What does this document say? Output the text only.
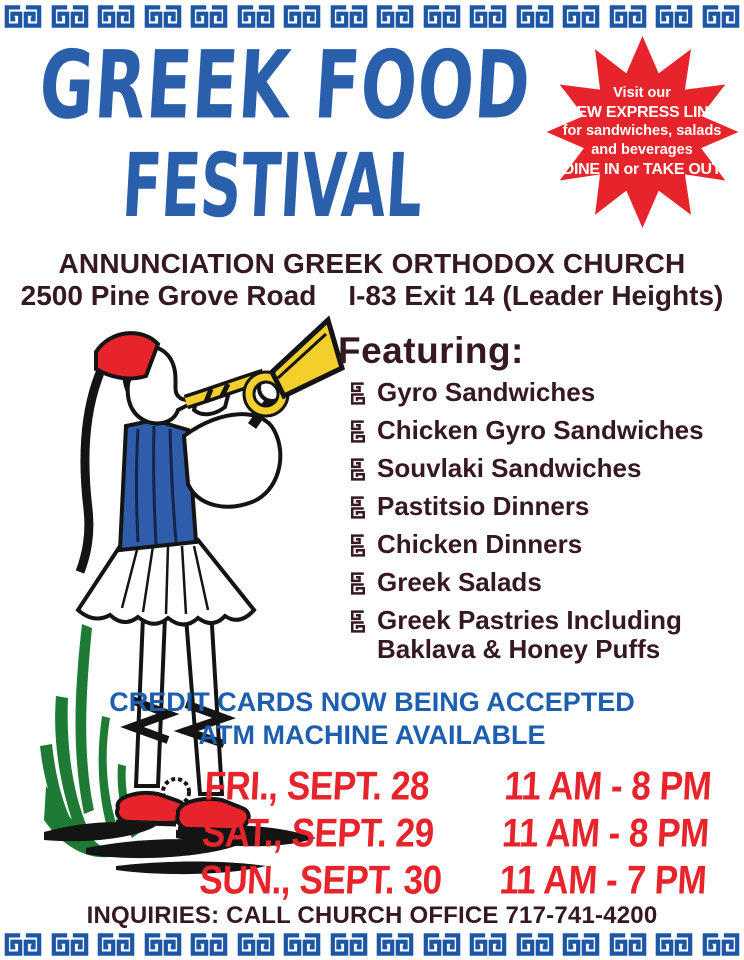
GREEK FOOD
FESTIVAL
Visit our
NEW EXPRESS LINE
for sandwiches, salads
and beverages
DINE IN or TAKE OUT
ANNUNCIATION GREEK ORTHODOX CHURCH
2500 Pine Grove Road I-83 Exit 14 (Leader Heights)
Featuring:
Gyro Sandwiches
Chicken Gyro Sandwiches
Souvlaki Sandwiches
Pastitsio Dinners
Chicken Dinners
Greek Salads
Greek Pastries Including Baklava & Honey Puffs
CREDIT CARDS NOW BEING ACCEPTED
ATM MACHINE AVAILABLE
FRI., SEPT. 28	11 AM - 8 PM
SAT., SEPT. 29	11 AM - 8 PM
SUN., SEPT. 30	11 AM - 7 PM
INQUIRIES: CALL CHURCH OFFICE 717-741-4200
